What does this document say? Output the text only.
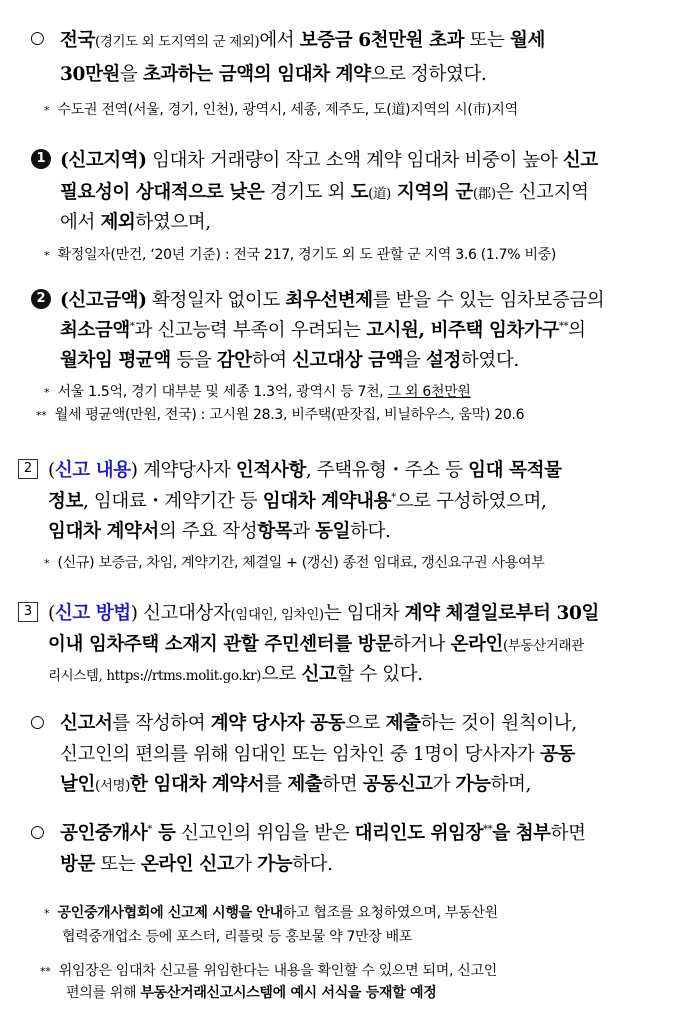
○ 전국(경기도 외 도지역의 군 제외)에서 보증금 6천만원 초과 또는 월세
30만원을 초과하는 금액의 임대차 계약으로 정하였다.
* 수도권 전역(서울, 경기, 인천), 광역시, 세종, 제주도, 도(道)지역의 시(市)지역
1 (신고지역) 임대차 거래량이 작고 소액 계약 임대차 비중이 높아 신고
필요성이 상대적으로 낮은 경기도 외 도(道) 지역의 군(郡)은 신고지역
에서 제외하였으며,
* 확정일자(만건, ‘20년 기준) : 전국 217, 경기도 외 도 관할 군 지역 3.6 (1.7% 비중)
2 (신고금액) 확정일자 없이도 최우선변제를 받을 수 있는 임차보증금의
최소금액*과 신고능력 부족이 우려되는 고시원, 비주택 임차가구**의
월차임 평균액 등을 감안하여 신고대상 금액을 설정하였다.
* 서울 1.5억, 경기 대부분 및 세종 1.3억, 광역시 등 7천, 그 외 6천만원
** 월세 평균액(만원, 전국) : 고시원 28.3, 비주택(판잣집, 비닐하우스, 움막) 20.6
2 (신고 내용) 계약당사자 인적사항, 주택유형・주소 등 임대 목적물
정보, 임대료・계약기간 등 임대차 계약내용*으로 구성하였으며,
임대차 계약서의 주요 작성항목과 동일하다.
* (신규) 보증금, 차임, 계약기간, 체결일 + (갱신) 종전 임대료, 갱신요구권 사용여부
3 (신고 방법) 신고대상자(임대인, 임차인)는 임대차 계약 체결일로부터 30일
이내 임차주택 소재지 관할 주민센터를 방문하거나 온라인(부동산거래관
리시스템, https://rtms.molit.go.kr)으로 신고할 수 있다.
○ 신고서를 작성하여 계약 당사자 공동으로 제출하는 것이 원칙이나,
신고인의 편의를 위해 임대인 또는 임차인 중 1명이 당사자가 공동
날인(서명)한 임대차 계약서를 제출하면 공동신고가 가능하며,
○ 공인중개사* 등 신고인의 위임을 받은 대리인도 위임장**을 첨부하면
방문 또는 온라인 신고가 가능하다.
* 공인중개사협회에 신고제 시행을 안내하고 협조를 요청하였으며, 부동산원
협력중개업소 등에 포스터, 리플릿 등 홍보물 약 7만장 배포
** 위임장은 임대차 신고를 위임한다는 내용을 확인할 수 있으면 되며, 신고인
편의를 위해 부동산거래신고시스템에 예시 서식을 등재할 예정
